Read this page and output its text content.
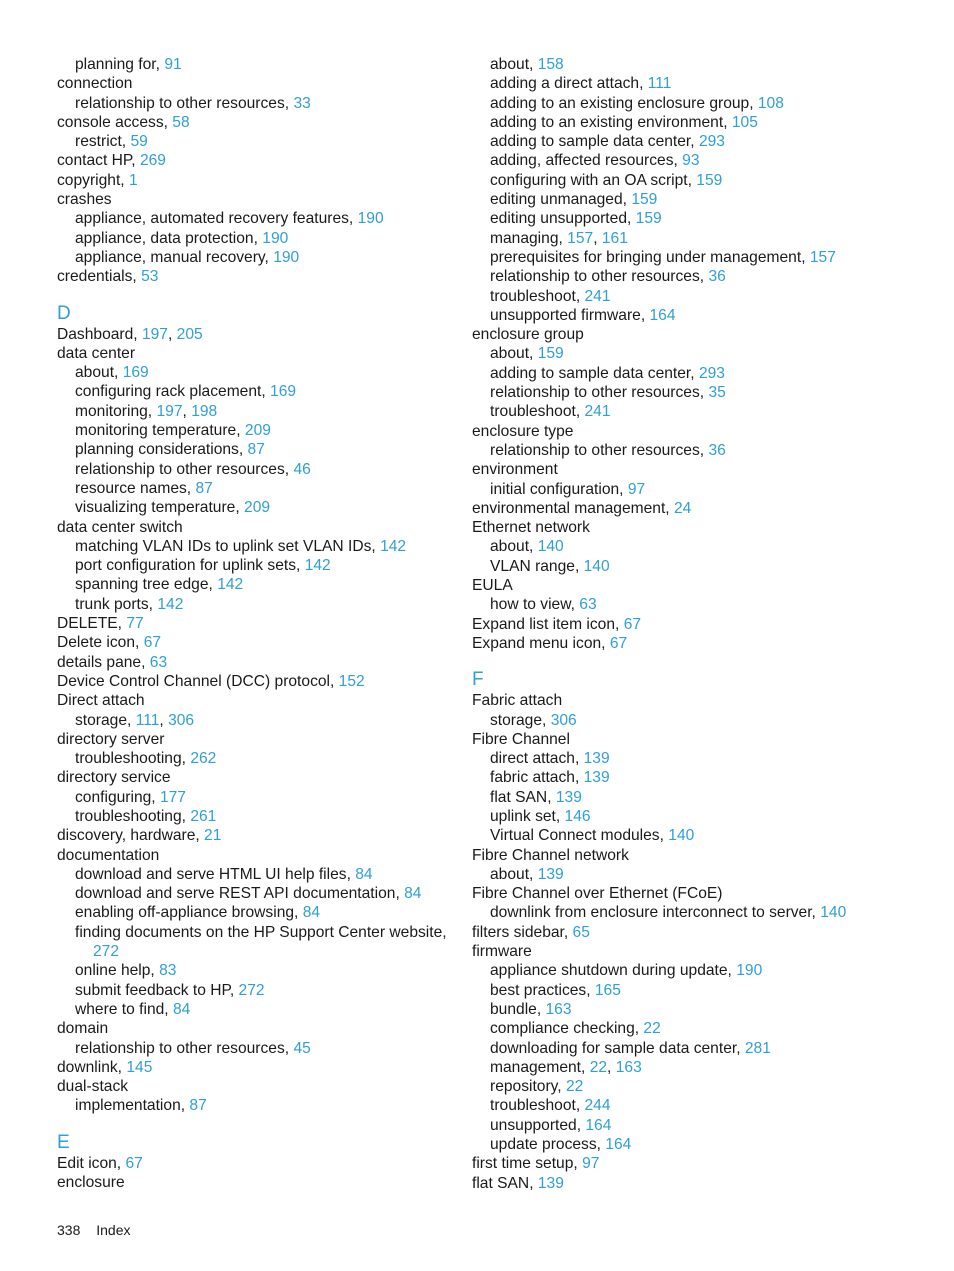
planning for, 91
connection
relationship to other resources, 33
console access, 58
restrict, 59
contact HP, 269
copyright, 1
crashes
appliance, automated recovery features, 190
appliance, data protection, 190
appliance, manual recovery, 190
credentials, 53
D
Dashboard, 197, 205
data center
about, 169
configuring rack placement, 169
monitoring, 197, 198
monitoring temperature, 209
planning considerations, 87
relationship to other resources, 46
resource names, 87
visualizing temperature, 209
data center switch
matching VLAN IDs to uplink set VLAN IDs, 142
port configuration for uplink sets, 142
spanning tree edge, 142
trunk ports, 142
DELETE, 77
Delete icon, 67
details pane, 63
Device Control Channel (DCC) protocol, 152
Direct attach
storage, 111, 306
directory server
troubleshooting, 262
directory service
configuring, 177
troubleshooting, 261
discovery, hardware, 21
documentation
download and serve HTML UI help files, 84
download and serve REST API documentation, 84
enabling off-appliance browsing, 84
finding documents on the HP Support Center website, 272
online help, 83
submit feedback to HP, 272
where to find, 84
domain
relationship to other resources, 45
downlink, 145
dual-stack
implementation, 87
E
Edit icon, 67
enclosure
about, 158
adding a direct attach, 111
adding to an existing enclosure group, 108
adding to an existing environment, 105
adding to sample data center, 293
adding, affected resources, 93
configuring with an OA script, 159
editing unmanaged, 159
editing unsupported, 159
managing, 157, 161
prerequisites for bringing under management, 157
relationship to other resources, 36
troubleshoot, 241
unsupported firmware, 164
enclosure group
about, 159
adding to sample data center, 293
relationship to other resources, 35
troubleshoot, 241
enclosure type
relationship to other resources, 36
environment
initial configuration, 97
environmental management, 24
Ethernet network
about, 140
VLAN range, 140
EULA
how to view, 63
Expand list item icon, 67
Expand menu icon, 67
F
Fabric attach
storage, 306
Fibre Channel
direct attach, 139
fabric attach, 139
flat SAN, 139
uplink set, 146
Virtual Connect modules, 140
Fibre Channel network
about, 139
Fibre Channel over Ethernet (FCoE)
downlink from enclosure interconnect to server, 140
filters sidebar, 65
firmware
appliance shutdown during update, 190
best practices, 165
bundle, 163
compliance checking, 22
downloading for sample data center, 281
management, 22, 163
repository, 22
troubleshoot, 244
unsupported, 164
update process, 164
first time setup, 97
flat SAN, 139
338 Index
